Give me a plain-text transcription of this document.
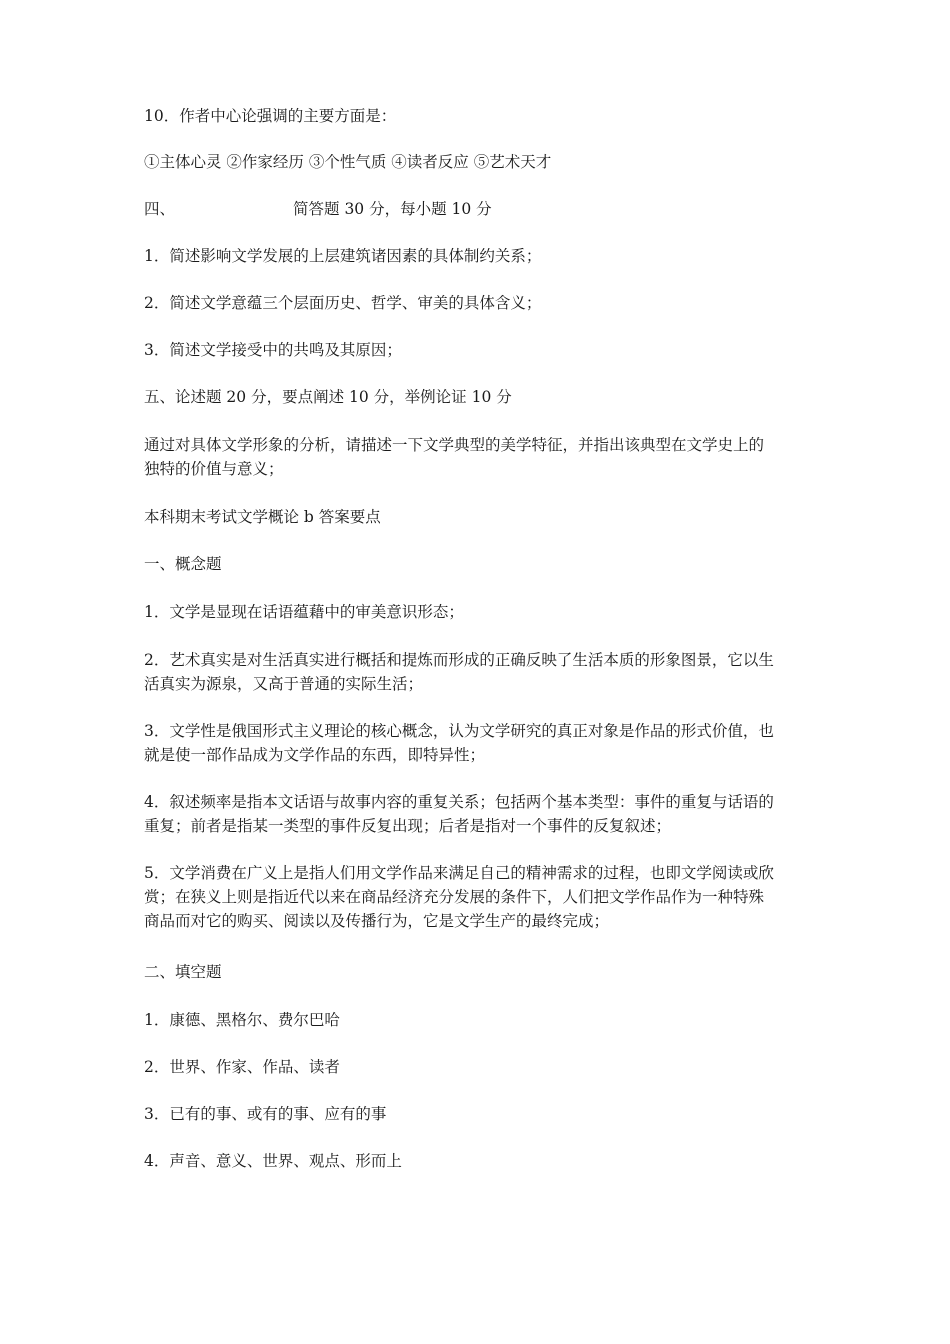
10．作者中心论强调的主要方面是：

①主体心灵 ②作家经历 ③个性气质 ④读者反应 ⑤艺术天才

四、	简答题 30 分，每小题 10 分

1．简述影响文学发展的上层建筑诸因素的具体制约关系；

2．简述文学意蕴三个层面历史、哲学、审美的具体含义；

3．简述文学接受中的共鸣及其原因；

五、论述题 20 分，要点阐述 10 分，举例论证 10 分

通过对具体文学形象的分析，请描述一下文学典型的美学特征，并指出该典型在文学史上的

独特的价值与意义；

本科期末考试文学概论 b 答案要点

一、概念题

1．文学是显现在话语蕴藉中的审美意识形态；

2．艺术真实是对生活真实进行概括和提炼而形成的正确反映了生活本质的形象图景，它以生

活真实为源泉，又高于普通的实际生活；

3．文学性是俄国形式主义理论的核心概念，认为文学研究的真正对象是作品的形式价值，也

就是使一部作品成为文学作品的东西，即特异性；

4．叙述频率是指本文话语与故事内容的重复关系；包括两个基本类型：事件的重复与话语的

重复；前者是指某一类型的事件反复出现；后者是指对一个事件的反复叙述；

5．文学消费在广义上是指人们用文学作品来满足自己的精神需求的过程，也即文学阅读或欣

赏；在狭义上则是指近代以来在商品经济充分发展的条件下，人们把文学作品作为一种特殊

商品而对它的购买、阅读以及传播行为，它是文学生产的最终完成；

二、填空题

1．康德、黑格尔、费尔巴哈

2．世界、作家、作品、读者

3．已有的事、或有的事、应有的事

4．声音、意义、世界、观点、形而上
